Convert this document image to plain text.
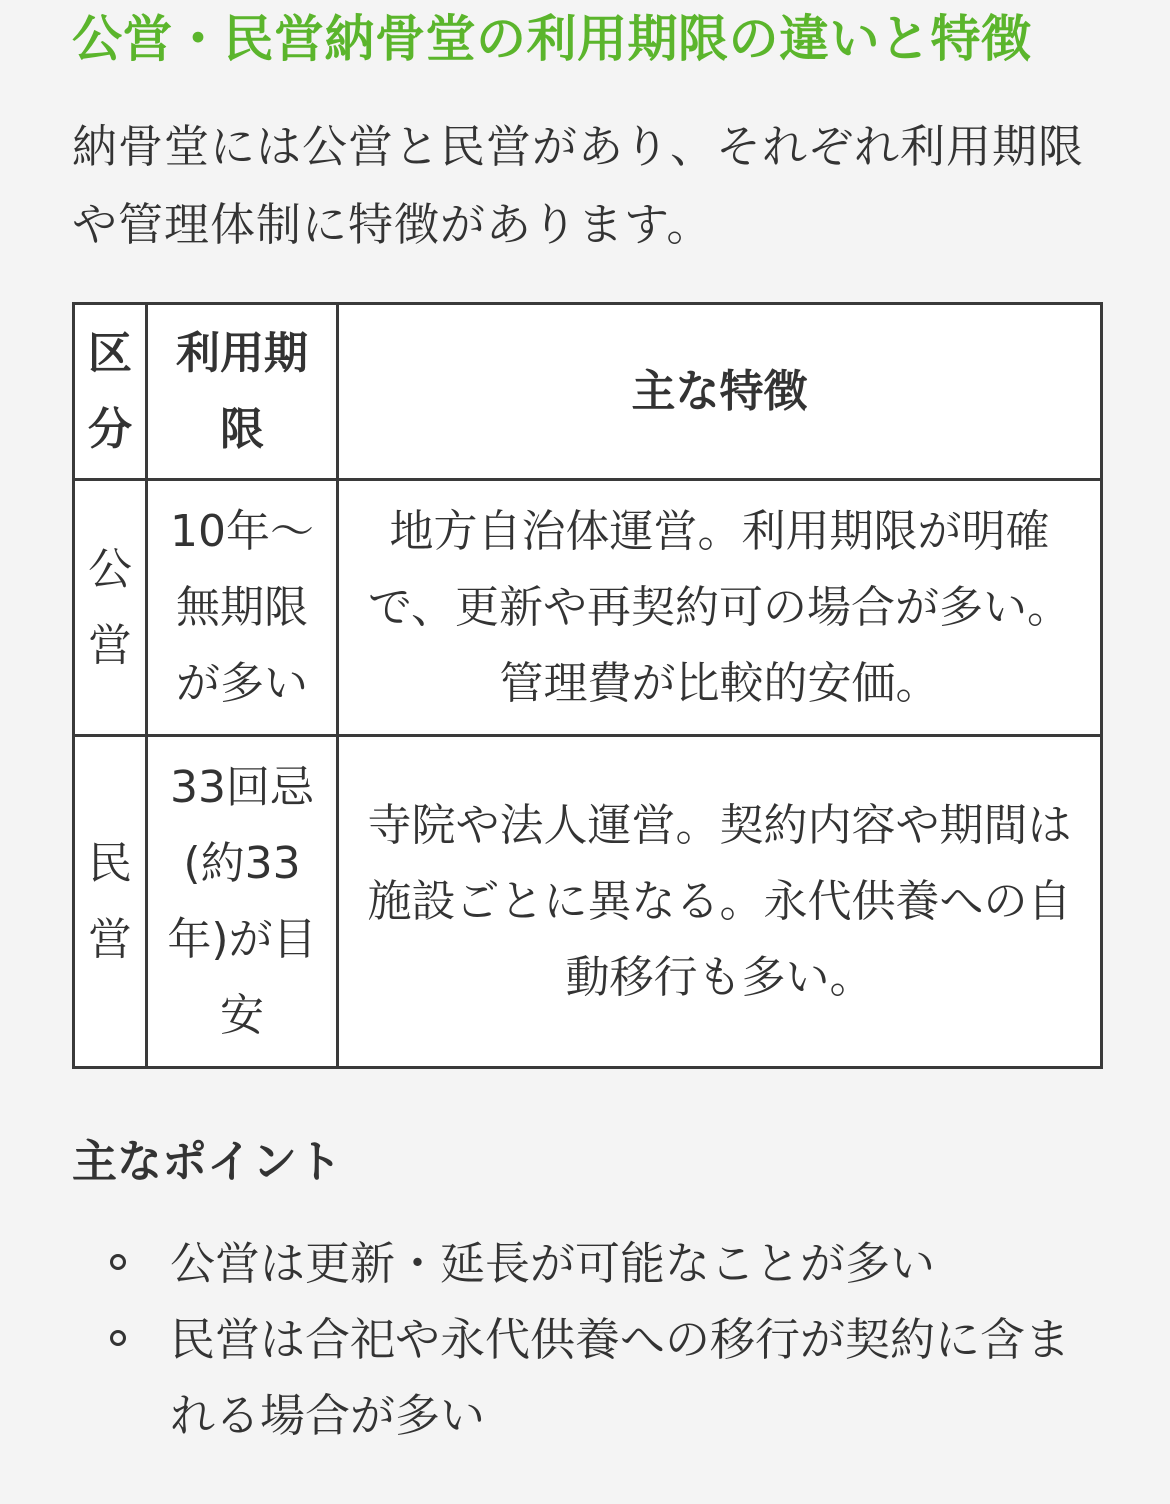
公営・民営納骨堂の利用期限の違いと特徴

納骨堂には公営と民営があり、それぞれ利用期限や管理体制に特徴があります。

区分	利用期限	主な特徴
公営	10年〜無期限が多い	地方自治体運営。利用期限が明確で、更新や再契約可の場合が多い。管理費が比較的安価。
民営	33回忌(約33年)が目安	寺院や法人運営。契約内容や期間は施設ごとに異なる。永代供養への自動移行も多い。
主なポイント
公営は更新・延長が可能なことが多い
民営は合祀や永代供養への移行が契約に含まれる場合が多い
